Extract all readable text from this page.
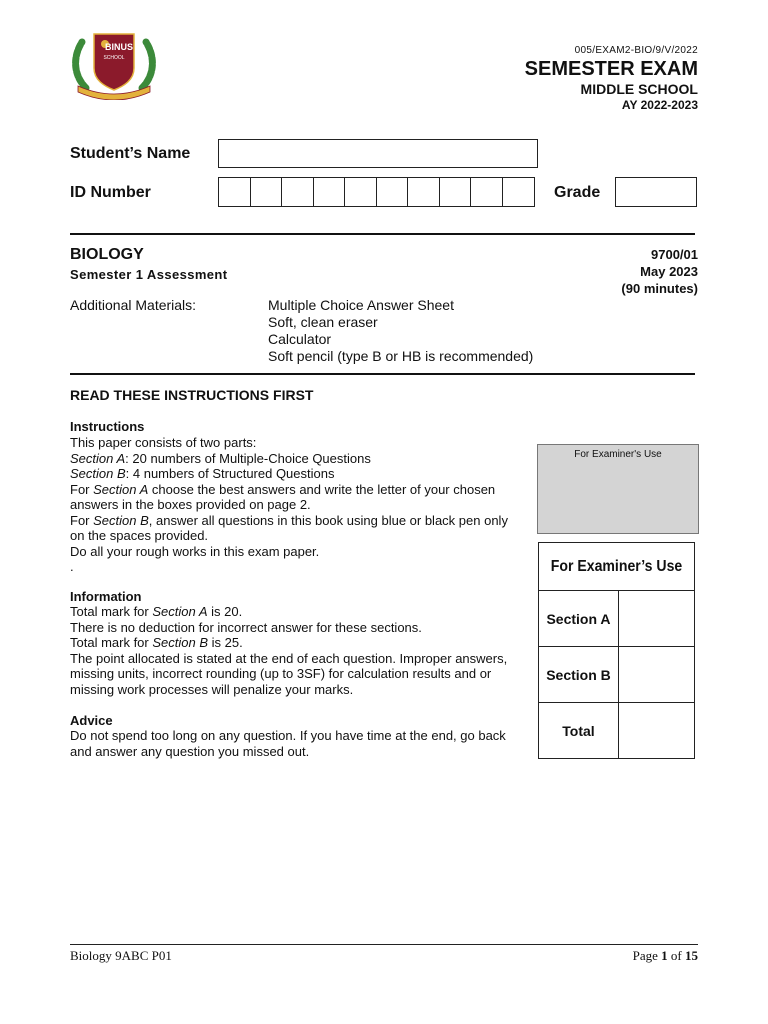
BINUS
SCHOOL
005/EXAM2-BIO/9/V/2022
SEMESTER EXAM
MIDDLE SCHOOL
AY 2022-2023
Student’s Name
ID Number	Grade
BIOLOGY
Semester 1 Assessment
9700/01
May 2023
(90 minutes)
Additional Materials:	Multiple Choice Answer Sheet
Soft, clean eraser
Calculator
Soft pencil (type B or HB is recommended)
READ THESE INSTRUCTIONS FIRST
Instructions

This paper consists of two parts:

Section A: 20 numbers of Multiple-Choice Questions

Section B: 4 numbers of Structured Questions

For Section A choose the best answers and write the letter of your chosen answers in the boxes provided on page 2.

For Section B, answer all questions in this book using blue or black pen only on the spaces provided.

Do all your rough works in this exam paper.

.

Information

Total mark for Section A is 20.

There is no deduction for incorrect answer for these sections.

Total mark for Section B is 25.

The point allocated is stated at the end of each question. Improper answers, missing units, incorrect rounding (up to 3SF) for calculation results and or missing work processes will penalize your marks.

Advice
Do not spend too long on any question. If you have time at the end, go back and answer any question you missed out.
For Examiner's Use
For Examiner’s Use	

Section A	
Section B	
Total	
Biology 9ABC P01	Page 1 of 15
